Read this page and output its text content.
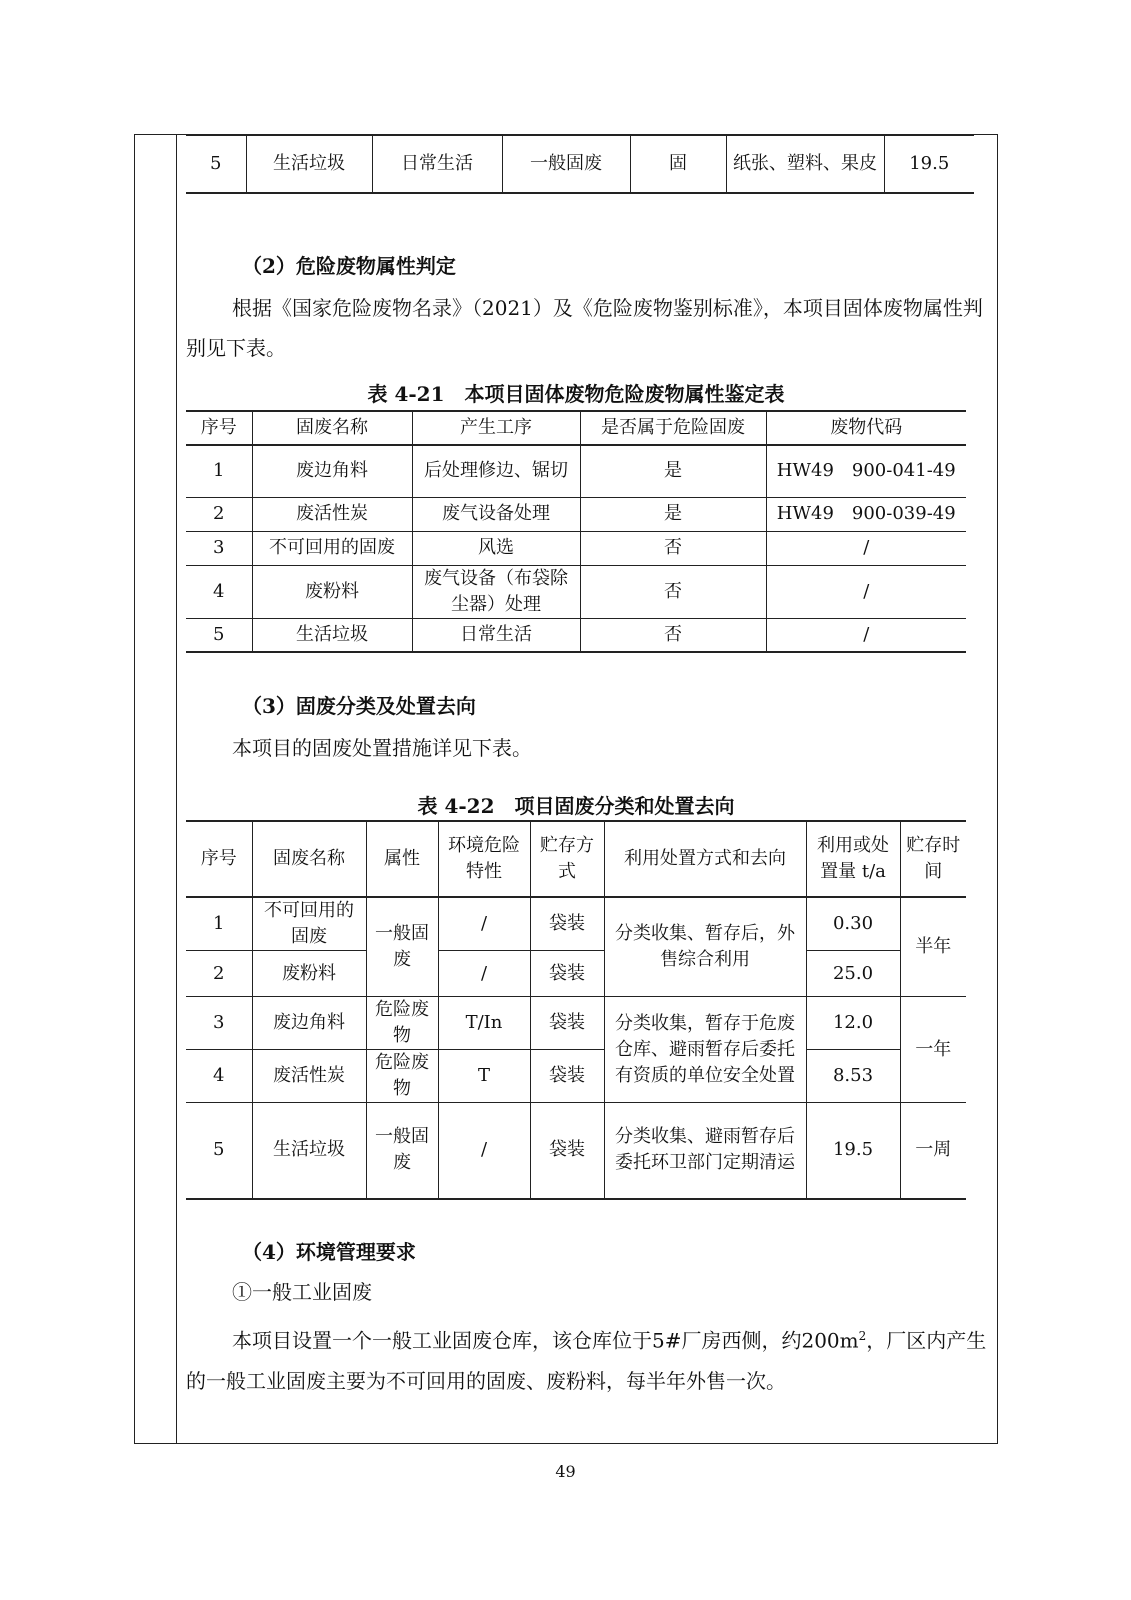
5	生活垃圾	日常生活	一般固废	固	纸张、塑料、果皮	19.5
（2）危险废物属性判定
根据《国家危险废物名录》（2021）及《危险废物鉴别标准》，本项目固体废物属性判别见下表。
表 4-21　本项目固体废物危险废物属性鉴定表
序号	固废名称	产生工序	是否属于危险固废	废物代码
1	废边角料	后处理修边、锯切	是	HW49　900-041-49
2	废活性炭	废气设备处理	是	HW49　900-039-49
3	不可回用的固废	风选	否	/
4	废粉料	废气设备（布袋除尘器）处理	否	/
5	生活垃圾	日常生活	否	/
（3）固废分类及处置去向
本项目的固废处置措施详见下表。
表 4-22　项目固废分类和处置去向
序号	固废名称	属性	环境危险特性	贮存方式	利用处置方式和去向	利用或处置量 t/a	贮存时间
1	不可回用的固废	一般固废	/	袋装	分类收集、暂存后，外售综合利用	0.30	半年
2	废粉料		/	袋装		25.0	
3	废边角料	危险废物	T/In	袋装	分类收集，暂存于危废仓库、避雨暂存后委托有资质的单位安全处置	12.0	一年
4	废活性炭	危险废物	T	袋装		8.53	
5	生活垃圾	一般固废	/	袋装	分类收集、避雨暂存后委托环卫部门定期清运	19.5	一周
（4）环境管理要求
①一般工业固废
本项目设置一个一般工业固废仓库，该仓库位于5#厂房西侧，约$200m^2$，厂区内产生的一般工业固废主要为不可回用的固废、废粉料，每半年外售一次。
49
